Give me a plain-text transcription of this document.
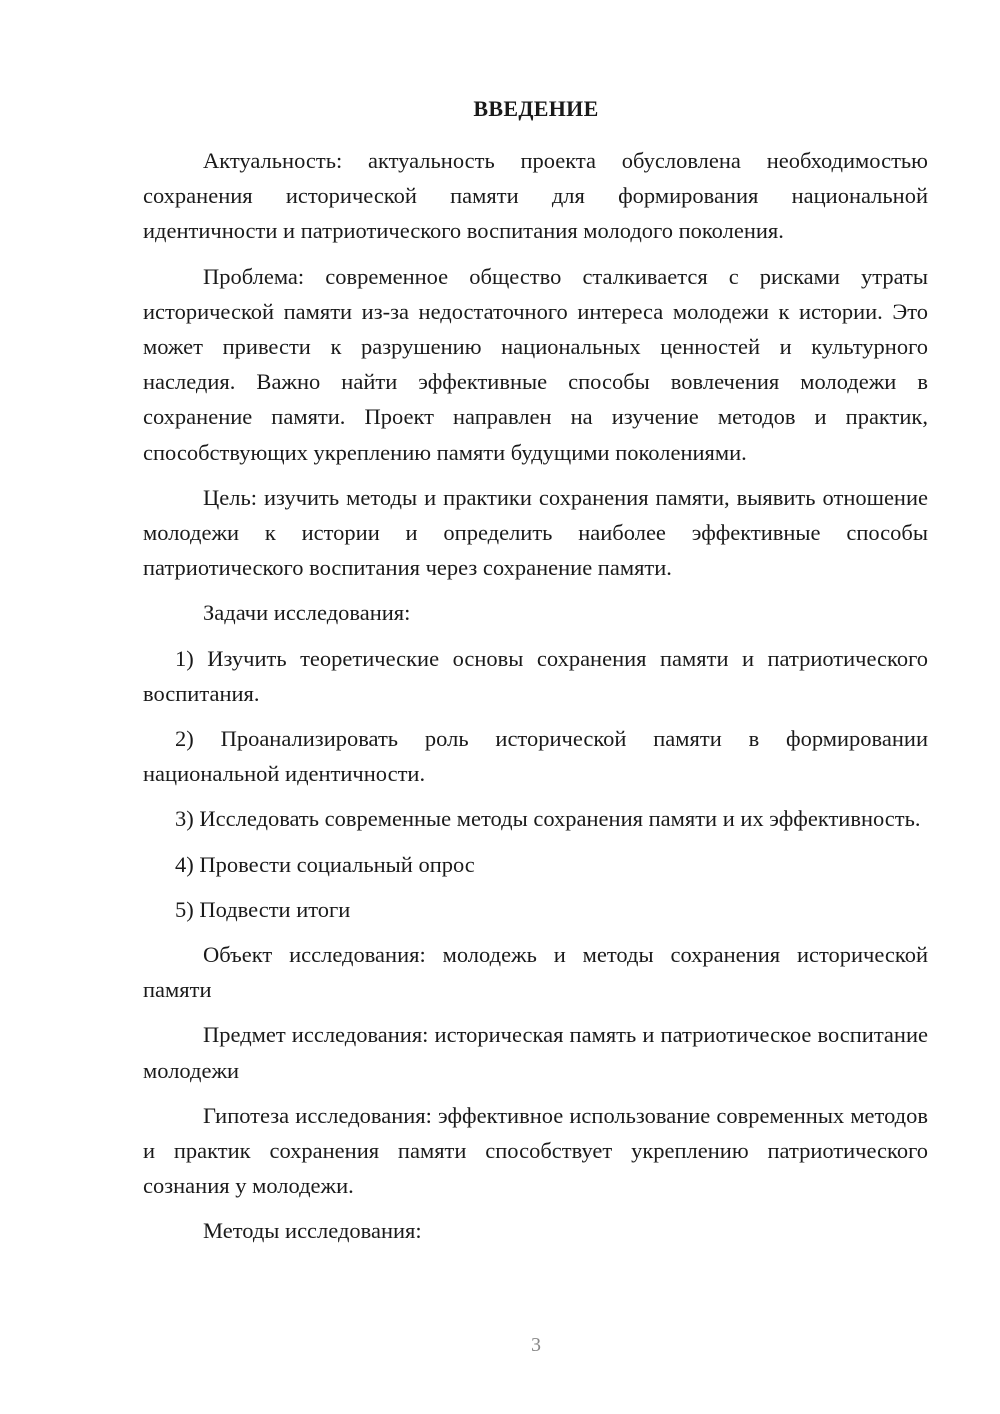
ВВЕДЕНИЕ

Актуальность: актуальность проекта обусловлена необходимостью сохранения исторической памяти для формирования национальной идентичности и патриотического воспитания молодого поколения.

Проблема: современное общество сталкивается с рисками утраты исторической памяти из-за недостаточного интереса молодежи к истории. Это может привести к разрушению национальных ценностей и культурного наследия. Важно найти эффективные способы вовлечения молодежи в сохранение памяти. Проект направлен на изучение методов и практик, способствующих укреплению памяти будущими поколениями.

Цель: изучить методы и практики сохранения памяти, выявить отношение молодежи к истории и определить наиболее эффективные способы патриотического воспитания через сохранение памяти.

Задачи исследования:

1) Изучить теоретические основы сохранения памяти и патриотического воспитания.

2) Проанализировать роль исторической памяти в формировании национальной идентичности.

3) Исследовать современные методы сохранения памяти и их эффективность.

4) Провести социальный опрос

5) Подвести итоги

Объект исследования: молодежь и методы сохранения исторической памяти

Предмет исследования: историческая память и патриотическое воспитание молодежи

Гипотеза исследования: эффективное использование современных методов и практик сохранения памяти способствует укреплению патриотического сознания у молодежи.

Методы исследования:

3
